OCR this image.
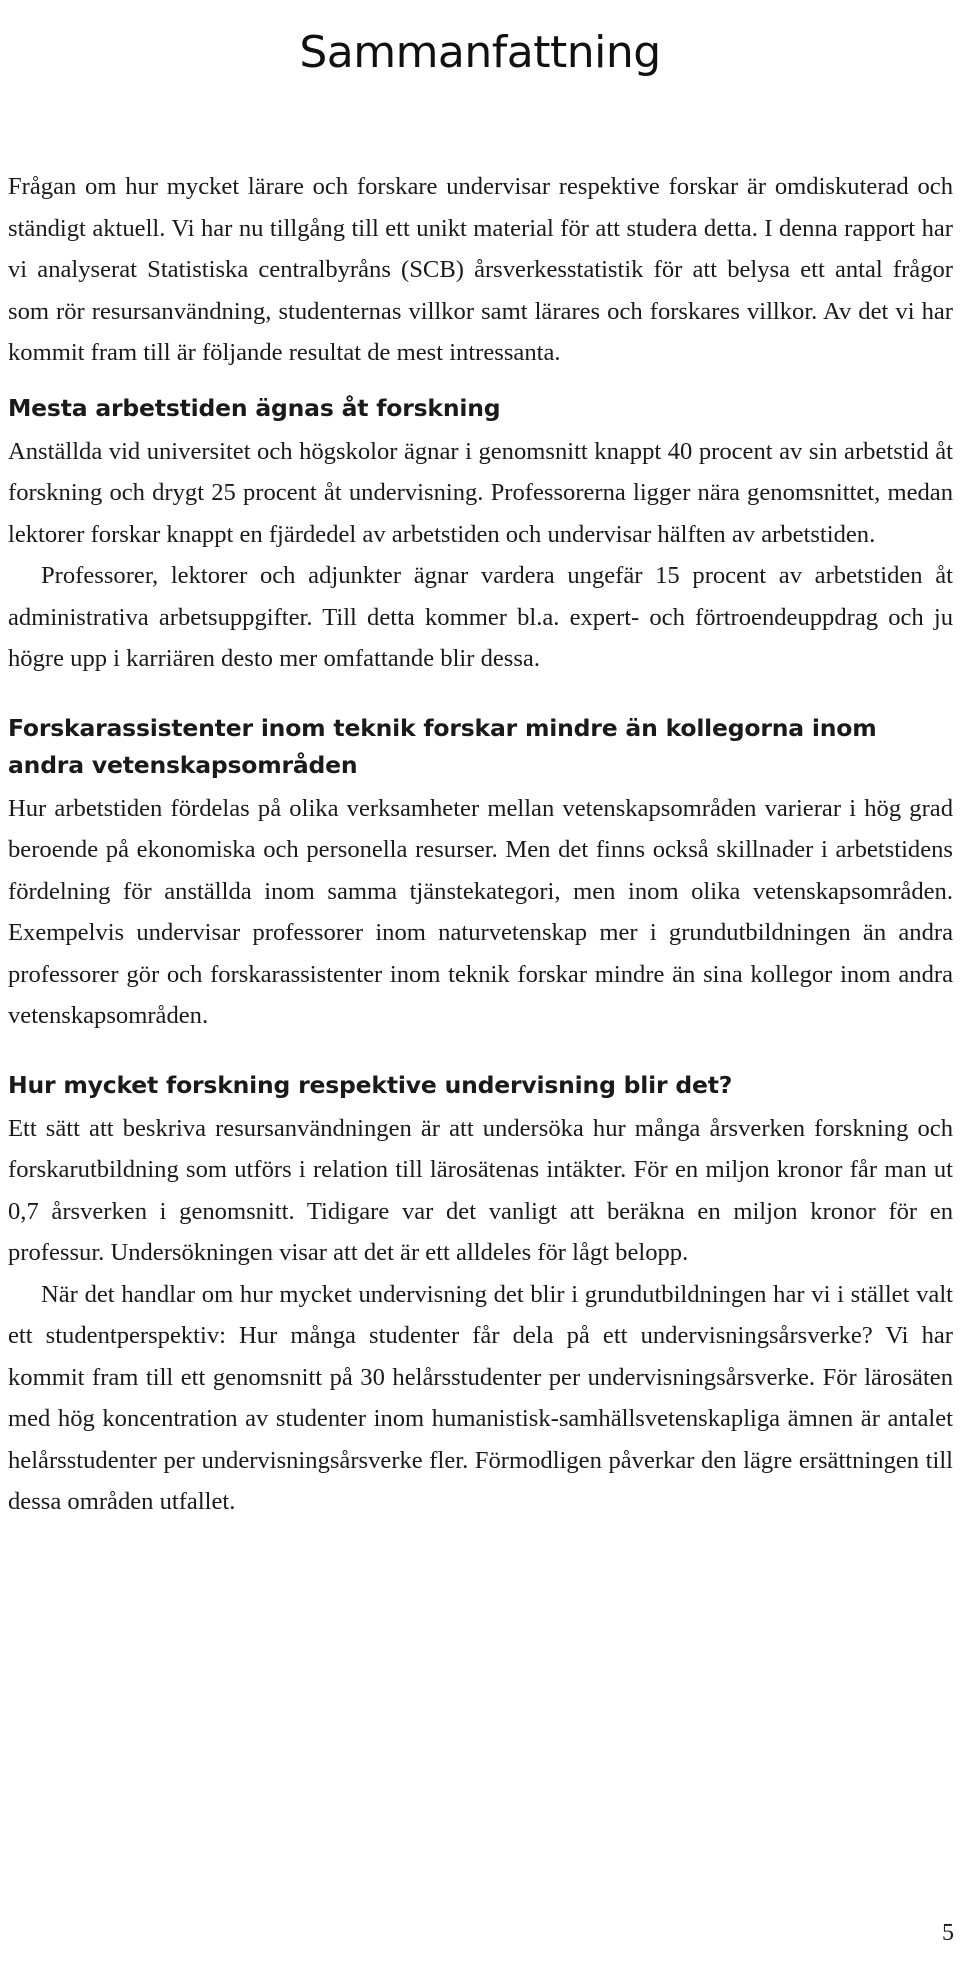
Sammanfattning

Frågan om hur mycket lärare och forskare undervisar respektive forskar är omdiskuterad och ständigt aktuell. Vi har nu tillgång till ett unikt material för att studera detta. I denna rapport har vi analyserat Statistiska centralbyråns (SCB) årsverkesstatistik för att belysa ett antal frågor som rör resursanvändning, studenternas villkor samt lärares och forskares villkor. Av det vi har kommit fram till är följande resultat de mest intressanta.

Mesta arbetstiden ägnas åt forskning

Anställda vid universitet och högskolor ägnar i genomsnitt knappt 40 procent av sin arbetstid åt forskning och drygt 25 procent åt undervisning. Professorerna ligger nära genomsnittet, medan lektorer forskar knappt en fjärdedel av arbetstiden och undervisar hälften av arbetstiden.

Professorer, lektorer och adjunkter ägnar vardera ungefär 15 procent av arbetstiden åt administrativa arbetsuppgifter. Till detta kommer bl.a. expert- och förtroendeuppdrag och ju högre upp i karriären desto mer omfattande blir dessa.

Forskarassistenter inom teknik forskar mindre än kollegorna inom andra vetenskapsområden

Hur arbetstiden fördelas på olika verksamheter mellan vetenskapsområden varierar i hög grad beroende på ekonomiska och personella resurser. Men det finns också skillnader i arbetstidens fördelning för anställda inom samma tjänstekategori, men inom olika vetenskapsområden. Exempelvis undervisar professorer inom naturvetenskap mer i grundutbildningen än andra professorer gör och forskarassistenter inom teknik forskar mindre än sina kollegor inom andra vetenskapsområden.

Hur mycket forskning respektive undervisning blir det?

Ett sätt att beskriva resursanvändningen är att undersöka hur många årsverken forskning och forskarutbildning som utförs i relation till lärosätenas intäkter. För en miljon kronor får man ut 0,7 årsverken i genomsnitt. Tidigare var det vanligt att beräkna en miljon kronor för en professur. Undersökningen visar att det är ett alldeles för lågt belopp.

När det handlar om hur mycket undervisning det blir i grundutbildningen har vi i stället valt ett studentperspektiv: Hur många studenter får dela på ett undervisningsårsverke? Vi har kommit fram till ett genomsnitt på 30 helårsstudenter per undervisningsårsverke. För lärosäten med hög koncentration av studenter inom humanistisk-samhällsvetenskapliga ämnen är antalet helårsstudenter per undervisningsårsverke fler. Förmodligen påverkar den lägre ersättningen till dessa områden utfallet.

5
